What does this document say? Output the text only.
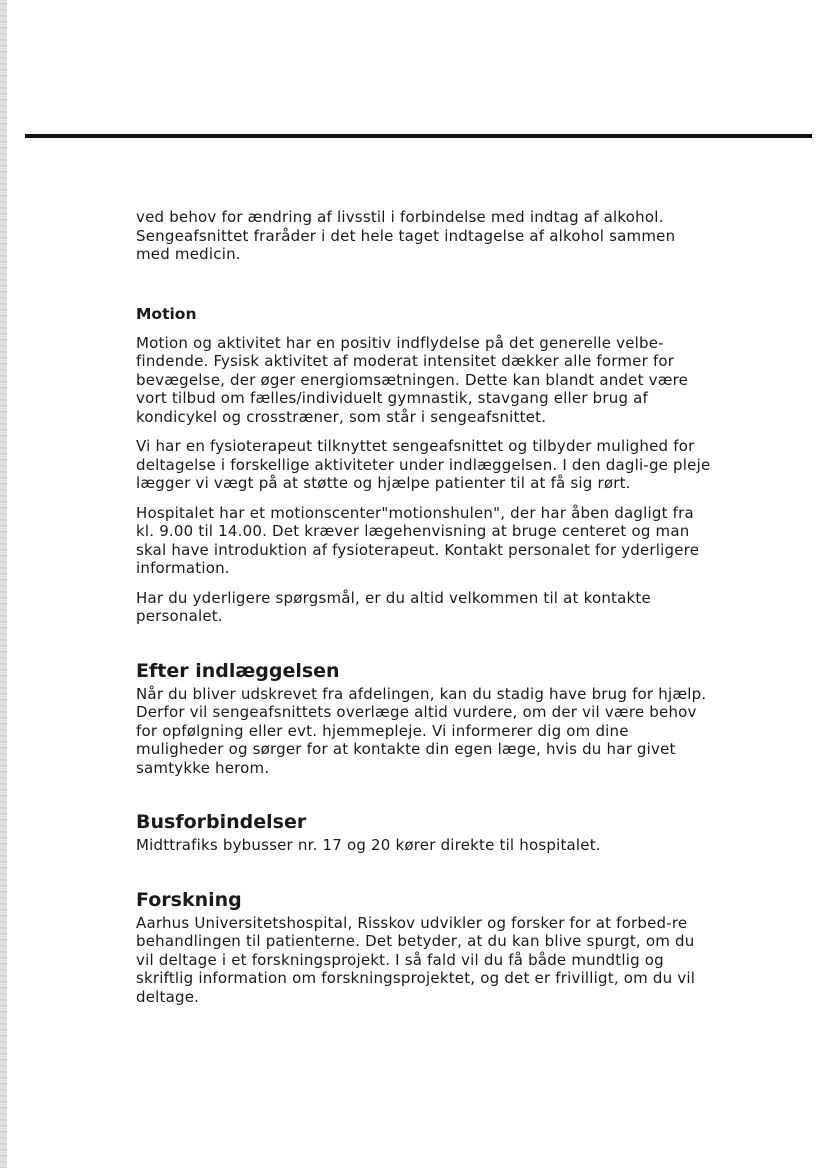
ved behov for ændring af livsstil i forbindelse med indtag af alkohol. Sengeafsnittet fraråder i det hele taget indtagelse af alkohol sammen med medicin.

Motion

Motion og aktivitet har en positiv indflydelse på det generelle velbe-findende. Fysisk aktivitet af moderat intensitet dækker alle former for bevægelse, der øger energiomsætningen. Dette kan blandt andet være vort tilbud om fælles/individuelt gymnastik, stavgang eller brug af kondicykel og crosstræner, som står i sengeafsnittet.

Vi har en fysioterapeut tilknyttet sengeafsnittet og tilbyder mulighed for deltagelse i forskellige aktiviteter under indlæggelsen. I den dagli-ge pleje lægger vi vægt på at støtte og hjælpe patienter til at få sig rørt.

Hospitalet har et motionscenter"motionshulen", der har åben dagligt fra kl. 9.00 til 14.00. Det kræver lægehenvisning at bruge centeret og man skal have introduktion af fysioterapeut. Kontakt personalet for yderligere information.

Har du yderligere spørgsmål, er du altid velkommen til at kontakte personalet.

Efter indlæggelsen

Når du bliver udskrevet fra afdelingen, kan du stadig have brug for hjælp. Derfor vil sengeafsnittets overlæge altid vurdere, om der vil være behov for opfølgning eller evt. hjemmepleje. Vi informerer dig om dine muligheder og sørger for at kontakte din egen læge, hvis du har givet samtykke herom.

Busforbindelser

Midttrafiks bybusser nr. 17 og 20 kører direkte til hospitalet.

Forskning

Aarhus Universitetshospital, Risskov udvikler og forsker for at forbed-re behandlingen til patienterne. Det betyder, at du kan blive spurgt, om du vil deltage i et forskningsprojekt. I så fald vil du få både mundtlig og skriftlig information om forskningsprojektet, og det er frivilligt, om du vil deltage.
